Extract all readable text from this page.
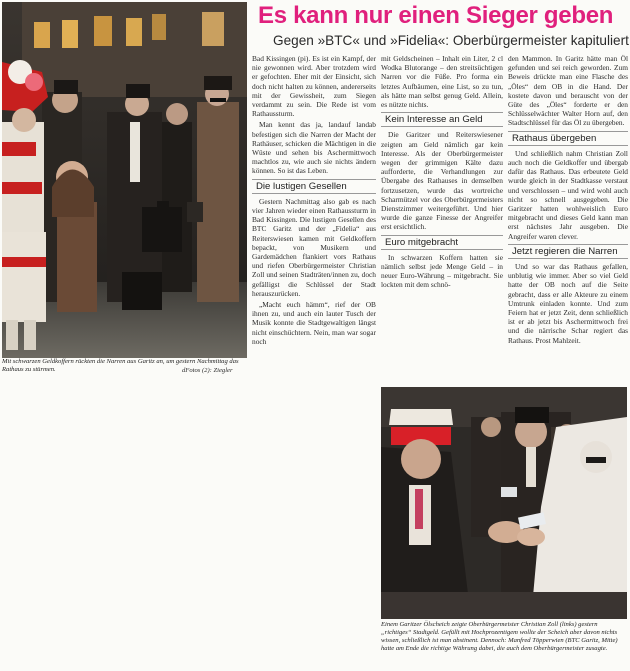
Es kann nur einen Sieger geben
Gegen »BTC« und »Fidelia«: Oberbürgermeister kapituliert
Mit schwarzen Geldkoffern rückten die Narren aus Garitz an, um gestern Nachmittag das Rathaus zu stürmen.	dFotos (2): Ziegler

Bad Kissingen (pi). Es ist ein Kampf, der nie gewonnen wird. Aber trotzdem wird er gefochten. Eher mit der Einsicht, sich doch nicht halten zu können, andererseits mit der Gewissheit, zum Siegen verdammt zu sein. Die Rede ist vom Rathaussturm.

Man kennt das ja, landauf landab befestigen sich die Narren der Macht der Rathäuser, schicken die Mächtigen in die Wüste und sehen bis Aschermittwoch machtlos zu, wie auch sie nichts ändern können. So ist das Leben.

Die lustigen Gesellen

Gestern Nachmittag also gab es nach vier Jahren wieder einen Rathaussturm in Bad Kissingen. Die lustigen Gesellen des BTC Garitz und der „Fidelia“ aus Reiterswiesen kamen mit Geldkoffern bepackt, von Musikern und Gardemädchen flankiert vors Rathaus und riefen Oberbürgermeister Christian Zoll und seinen Stadträten/innen zu, doch gefälligst die Schlüssel der Stadt herauszurücken.

„Macht euch hämm“, rief der OB ihnen zu, und auch ein lauter Tusch der Musik konnte die Stadtgewaltigen längst nicht einschüchtern. Nein, man war sogar noch

mit Geldscheinen – Inhalt ein Liter, 2 cl Wodka Blutorange – den streitsüchtigen Narren vor die Füße. Pro forma ein letztes Aufbäumen, eine List, so zu tun, als hätte man selbst genug Geld. Allein, es nützte nichts.

Kein Interesse an Geld

Die Garitzer und Reiterswiesener zeigten am Geld nämlich gar kein Interesse. Als der Oberbürgermeister wegen der grimmigen Kälte dazu aufforderte, die Verhandlungen zur Übergabe des Rathauses in demselben fortzusetzen, wurde das wortreiche Scharmützel vor des Oberbürgermeisters Dienstzimmer weitergeführt. Und hier wurde die ganze Finesse der Angreifer erst ersichtlich.

Euro mitgebracht

In schwarzen Koffern hatten sie nämlich selbst jede Menge Geld – in neuer Euro-Währung – mitgebracht. Sie lockten mit dem schnö-

den Mammon. In Garitz hätte man Öl gefunden und sei reich geworden. Zum Beweis drückte man eine Flasche des „Öles“ dem OB in die Hand. Der kostete davon und berauscht von der Güte des „Öles“ forderte er den Schlüsselwächter Walter Horn auf, den Stadtschlüssel für das Öl zu übergeben.

Rathaus übergeben

Und schließlich nahm Christian Zoll auch noch die Geldkoffer und übergab dafür das Rathaus. Das erbeutete Geld wurde gleich in der Stadtkasse verstaut und verschlossen – und wird wohl auch nicht so schnell ausgegeben. Die Garitzer hatten wohlweislich Euro mitgebracht und dieses Geld kann man erst nächstes Jahr ausgeben. Die Angreifer waren clever.

Jetzt regieren die Narren

Und so war das Rathaus gefallen, unblutig wie immer. Aber so viel Geld hatte der OB noch auf die Seite gebracht, dass er alle Akteure zu einem Umtrunk einladen konnte. Und zum Feiern hat er jetzt Zeit, denn schließlich ist er ab jetzt bis Aschermittwoch frei und die närrische Schar regiert das Rathaus. Prost Mahlzeit.

Einem Garitzer Ölscheich zeigte Oberbürgermeister Christian Zoll (links) gestern „richtiges“ Stadtgeld. Gefüllt mit Hochprozentigem wollte der Scheich aber davon nichts wissen, schließlich ist man abstinent. Dennoch: Manfred Töpperwien (BTC Garitz, Mitte) hatte am Ende die richtige Währung dabei, die auch dem Oberbürgermeister zusagte.
